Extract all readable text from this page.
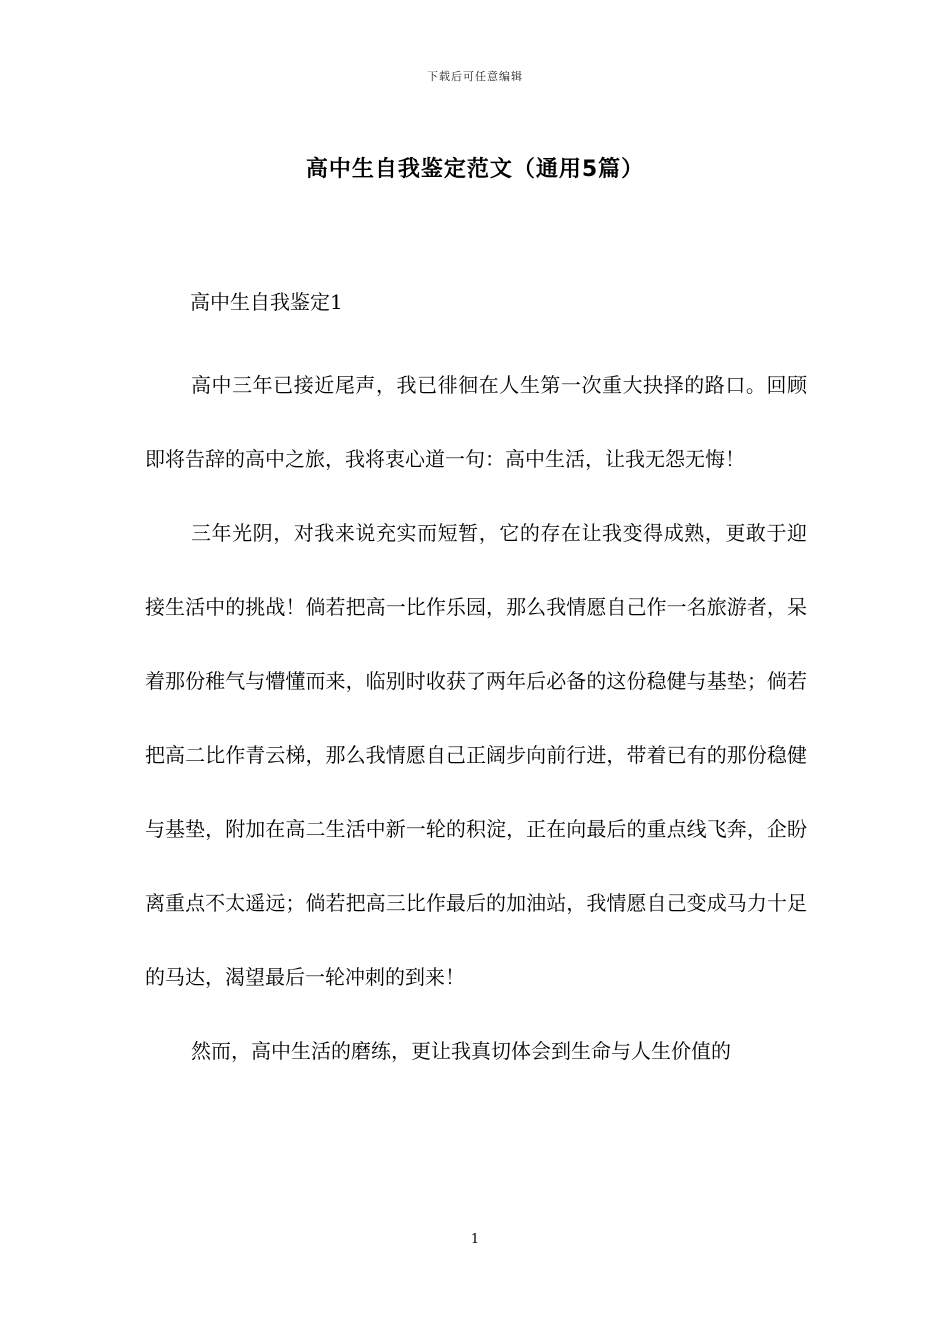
下载后可任意编辑
高中生自我鉴定范文（通用5篇）
高中生自我鉴定1

高中三年已接近尾声，我已徘徊在人生第一次重大抉择的路口。回顾即将告辞的高中之旅，我将衷心道一句：高中生活，让我无怨无悔！

三年光阴，对我来说充实而短暂，它的存在让我变得成熟，更敢于迎接生活中的挑战！倘若把高一比作乐园，那么我情愿自己作一名旅游者，呆着那份稚气与懵懂而来，临别时收获了两年后必备的这份稳健与基垫；倘若把高二比作青云梯，那么我情愿自己正阔步向前行进，带着已有的那份稳健与基垫，附加在高二生活中新一轮的积淀，正在向最后的重点线飞奔，企盼离重点不太遥远；倘若把高三比作最后的加油站，我情愿自己变成马力十足的马达，渴望最后一轮冲刺的到来！

然而，高中生活的磨练，更让我真切体会到生命与人生价值的

1
